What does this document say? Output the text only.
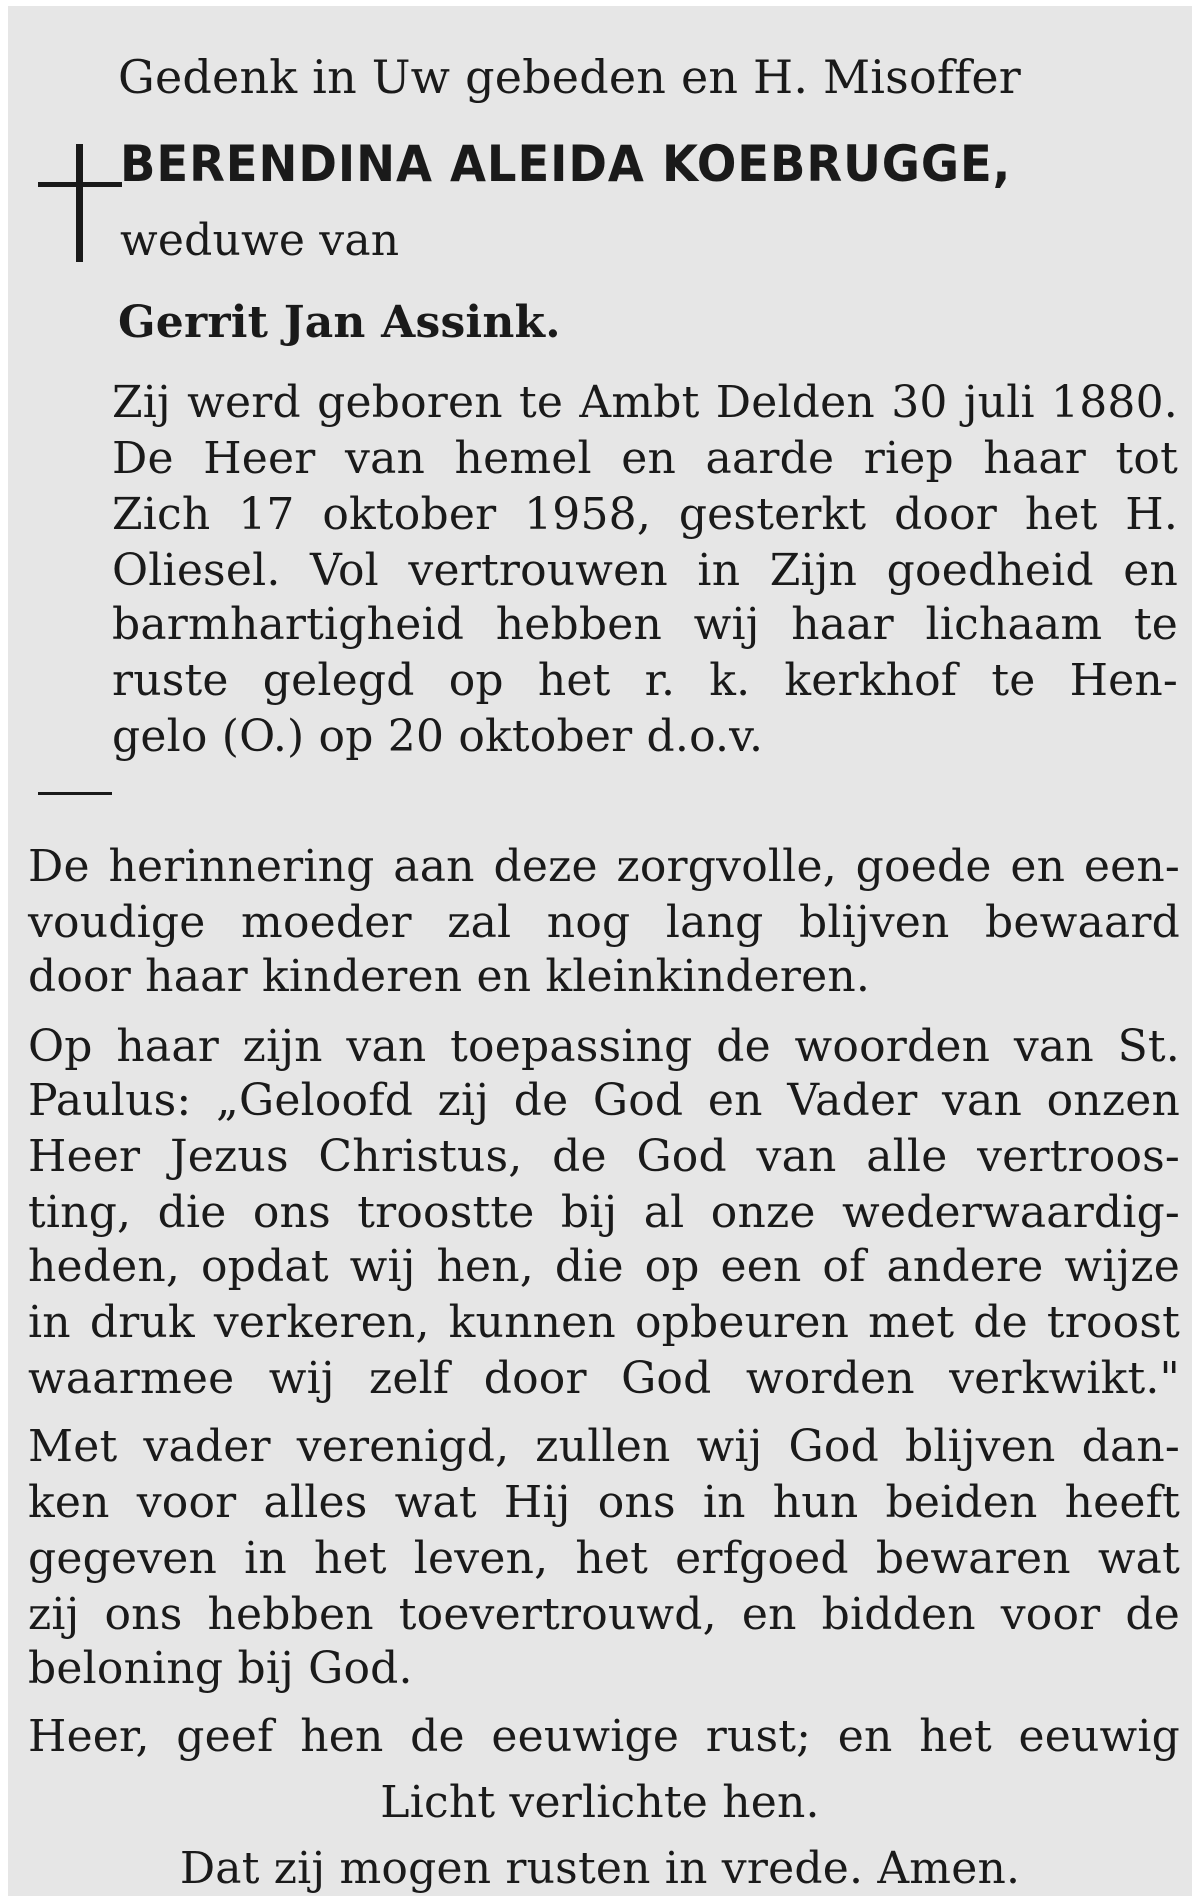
Gedenk in Uw gebeden en H. Misoffer
BERENDINA ALEIDA KOEBRUGGE,
weduwe van
Gerrit Jan Assink.
Zij werd geboren te Ambt Delden 30 juli 1880.
De Heer van hemel en aarde riep haar tot
Zich 17 oktober 1958, gesterkt door het H.
Oliesel. Vol vertrouwen in Zijn goedheid en
barmhartigheid hebben wij haar lichaam te
ruste gelegd op het r. k. kerkhof te Hen-
gelo (O.) op 20 oktober d.o.v.
De herinnering aan deze zorgvolle, goede en een-
voudige moeder zal nog lang blijven bewaard
door haar kinderen en kleinkinderen.
Op haar zijn van toepassing de woorden van St.
Paulus: „Geloofd zij de God en Vader van onzen
Heer Jezus Christus, de God van alle vertroos-
ting, die ons troostte bij al onze wederwaardig-
heden, opdat wij hen, die op een of andere wijze
in druk verkeren, kunnen opbeuren met de troost
waarmee wij zelf door God worden verkwikt."
Met vader verenigd, zullen wij God blijven dan-
ken voor alles wat Hij ons in hun beiden heeft
gegeven in het leven, het erfgoed bewaren wat
zij ons hebben toevertrouwd, en bidden voor de
beloning bij God.
Heer, geef hen de eeuwige rust; en het eeuwig
Licht verlichte hen.
Dat zij mogen rusten in vrede. Amen.
